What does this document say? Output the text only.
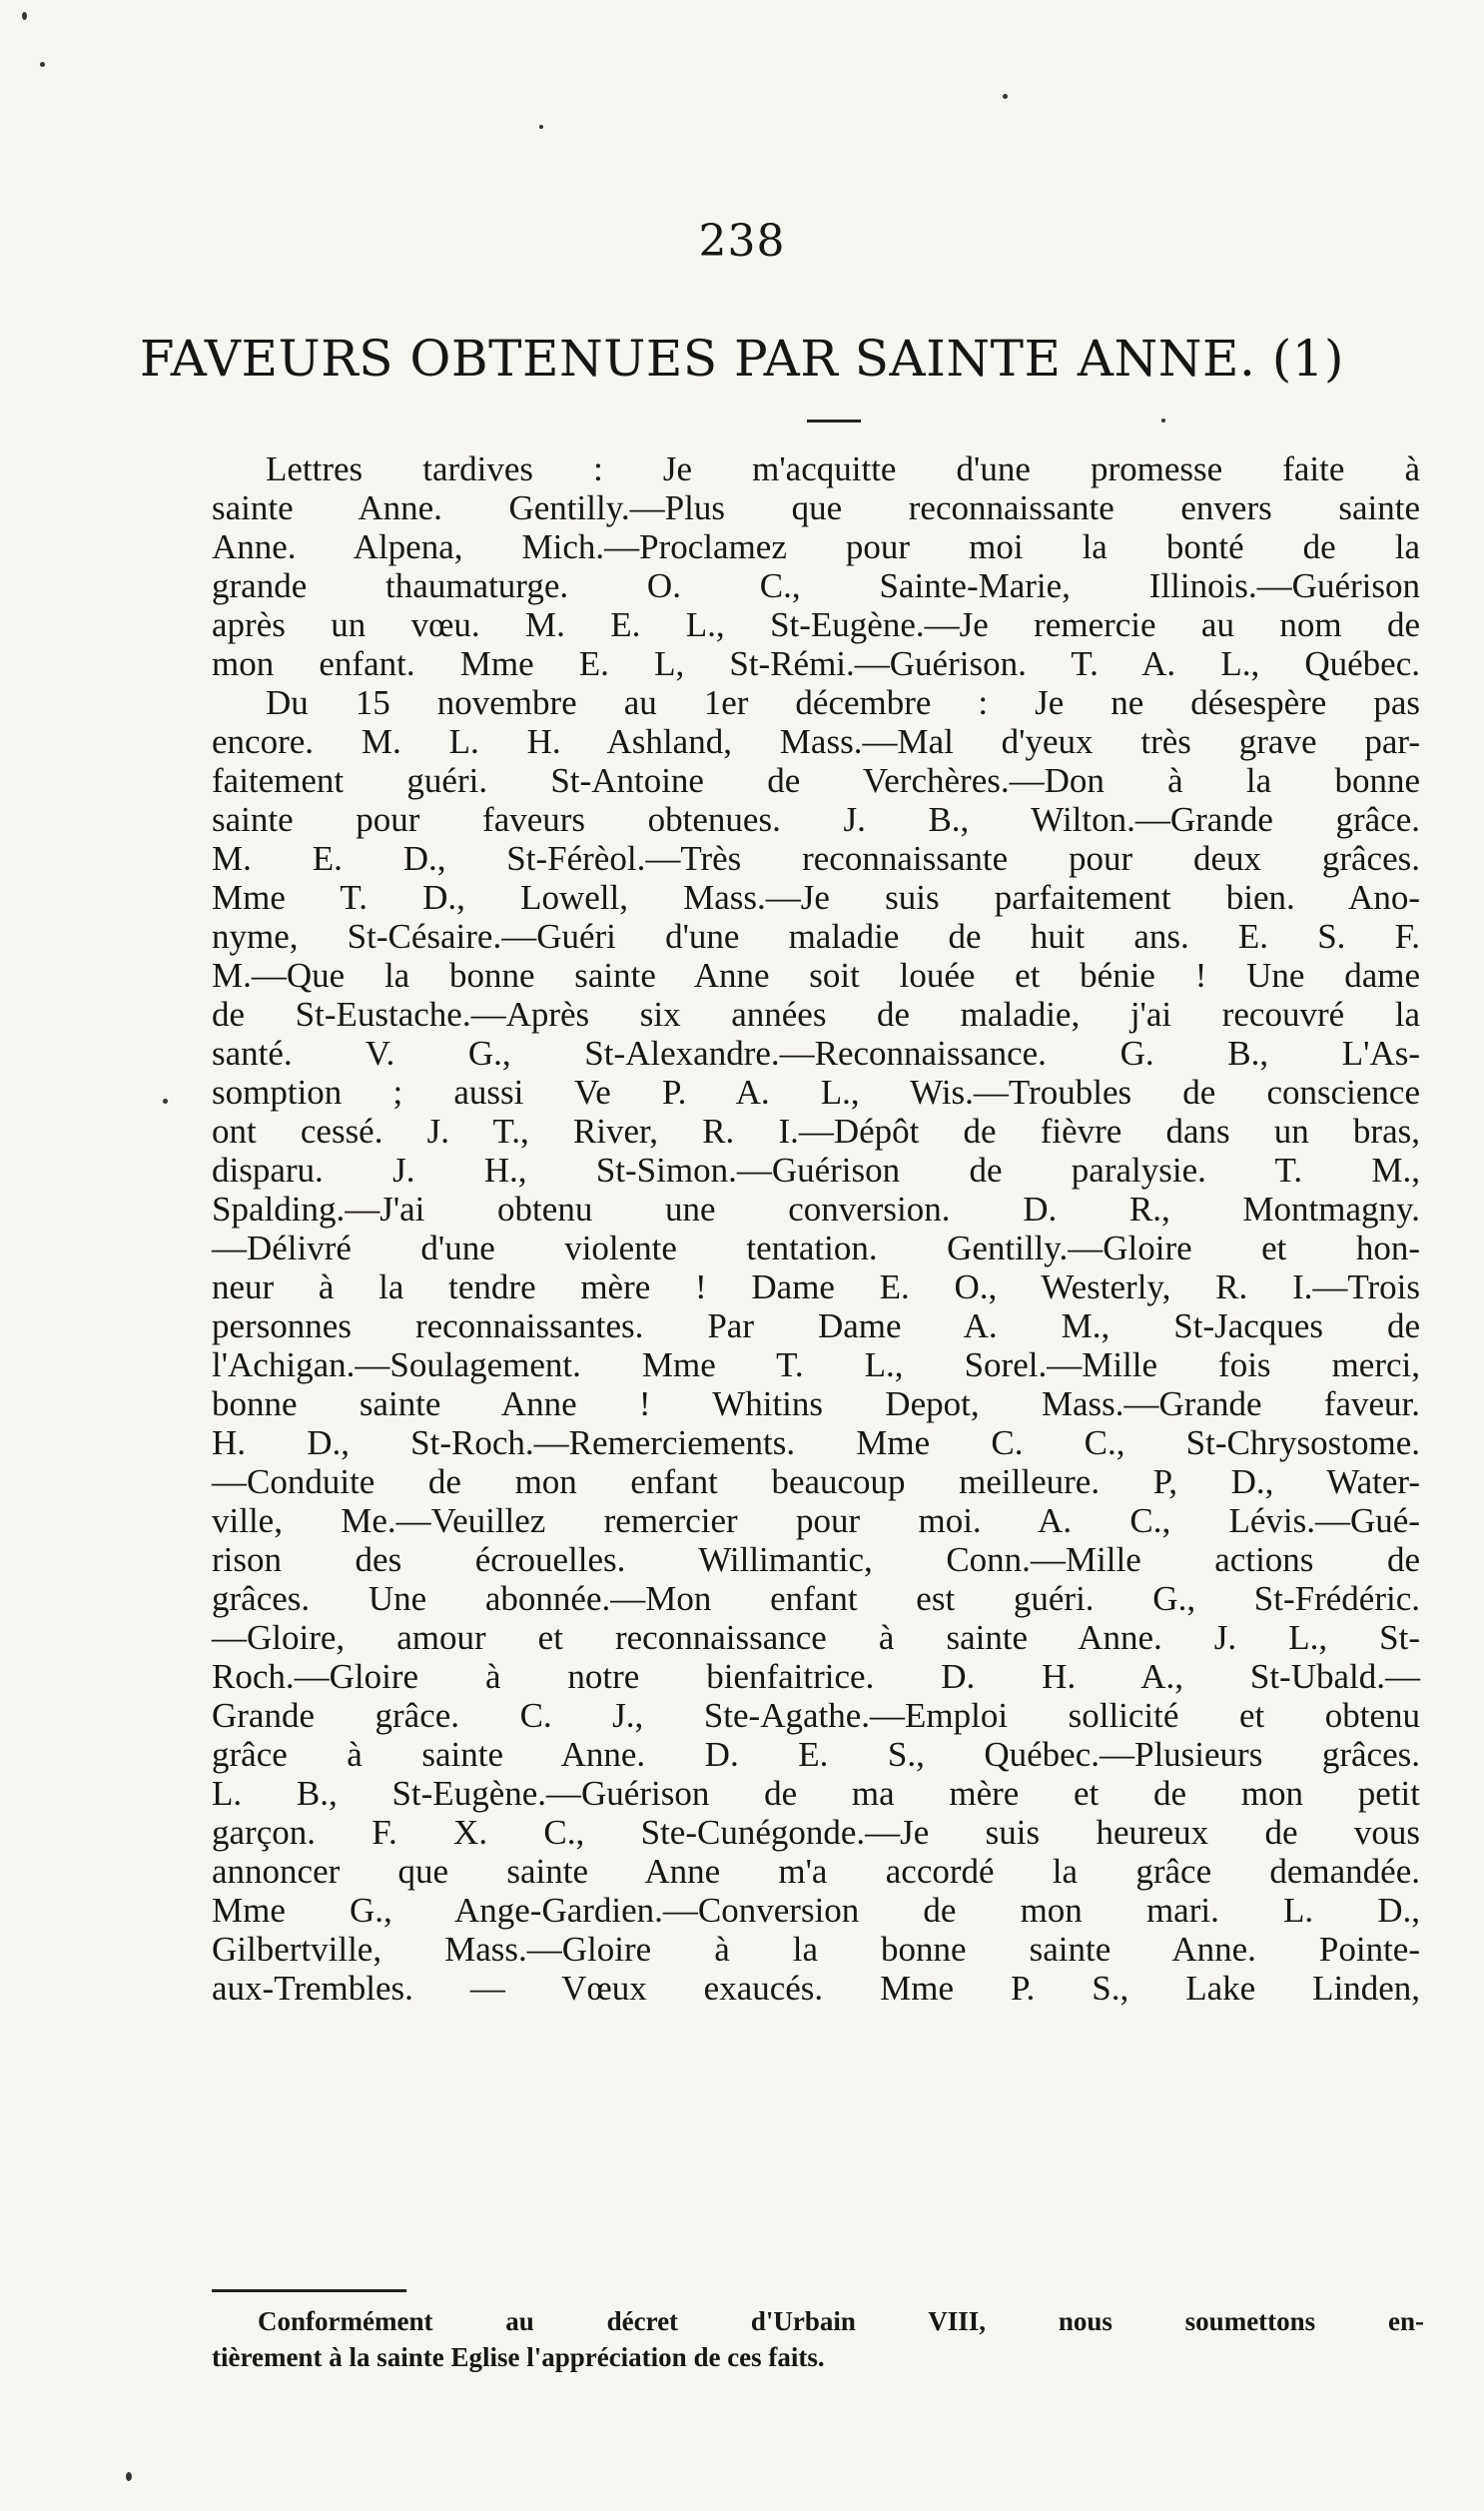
238
FAVEURS OBTENUES PAR SAINTE ANNE. (1)
Lettres tardives : Je m'acquitte d'une promesse faite à
sainte Anne. Gentilly.—Plus que reconnaissante envers sainte
Anne. Alpena, Mich.—Proclamez pour moi la bonté de la
grande thaumaturge. O. C., Sainte-Marie, Illinois.—Guérison
après un vœu. M. E. L., St-Eugène.—Je remercie au nom de
mon enfant. Mme E. L, St-Rémi.—Guérison. T. A. L., Québec.
Du 15 novembre au 1er décembre : Je ne désespère pas
encore. M. L. H. Ashland, Mass.—Mal d'yeux très grave par-
faitement guéri. St-Antoine de Verchères.—Don à la bonne
sainte pour faveurs obtenues. J. B., Wilton.—Grande grâce.
M. E. D., St-Férèol.—Très reconnaissante pour deux grâces.
Mme T. D., Lowell, Mass.—Je suis parfaitement bien. Ano-
nyme, St-Césaire.—Guéri d'une maladie de huit ans. E. S. F.
M.—Que la bonne sainte Anne soit louée et bénie ! Une dame
de St-Eustache.—Après six années de maladie, j'ai recouvré la
santé. V. G., St-Alexandre.—Reconnaissance. G. B., L'As-
somption ; aussi Ve P. A. L., Wis.—Troubles de conscience
ont cessé. J. T., River, R. I.—Dépôt de fièvre dans un bras,
disparu. J. H., St-Simon.—Guérison de paralysie. T. M.,
Spalding.—J'ai obtenu une conversion. D. R., Montmagny.
—Délivré d'une violente tentation. Gentilly.—Gloire et hon-
neur à la tendre mère ! Dame E. O., Westerly, R. I.—Trois
personnes reconnaissantes. Par Dame A. M., St-Jacques de
l'Achigan.—Soulagement. Mme T. L., Sorel.—Mille fois merci,
bonne sainte Anne ! Whitins Depot, Mass.—Grande faveur.
H. D., St-Roch.—Remerciements. Mme C. C., St-Chrysostome.
—Conduite de mon enfant beaucoup meilleure. P, D., Water-
ville, Me.—Veuillez remercier pour moi. A. C., Lévis.—Gué-
rison des écrouelles. Willimantic, Conn.—Mille actions de
grâces. Une abonnée.—Mon enfant est guéri. G., St-Frédéric.
—Gloire, amour et reconnaissance à sainte Anne. J. L., St-
Roch.—Gloire à notre bienfaitrice. D. H. A., St-Ubald.—
Grande grâce. C. J., Ste-Agathe.—Emploi sollicité et obtenu
grâce à sainte Anne. D. E. S., Québec.—Plusieurs grâces.
L. B., St-Eugène.—Guérison de ma mère et de mon petit
garçon. F. X. C., Ste-Cunégonde.—Je suis heureux de vous
annoncer que sainte Anne m'a accordé la grâce demandée.
Mme G., Ange-Gardien.—Conversion de mon mari. L. D.,
Gilbertville, Mass.—Gloire à la bonne sainte Anne. Pointe-
aux-Trembles. — Vœux exaucés. Mme P. S., Lake Linden,
Conformément au décret d'Urbain VIII, nous soumettons en-
tièrement à la sainte Eglise l'appréciation de ces faits.
